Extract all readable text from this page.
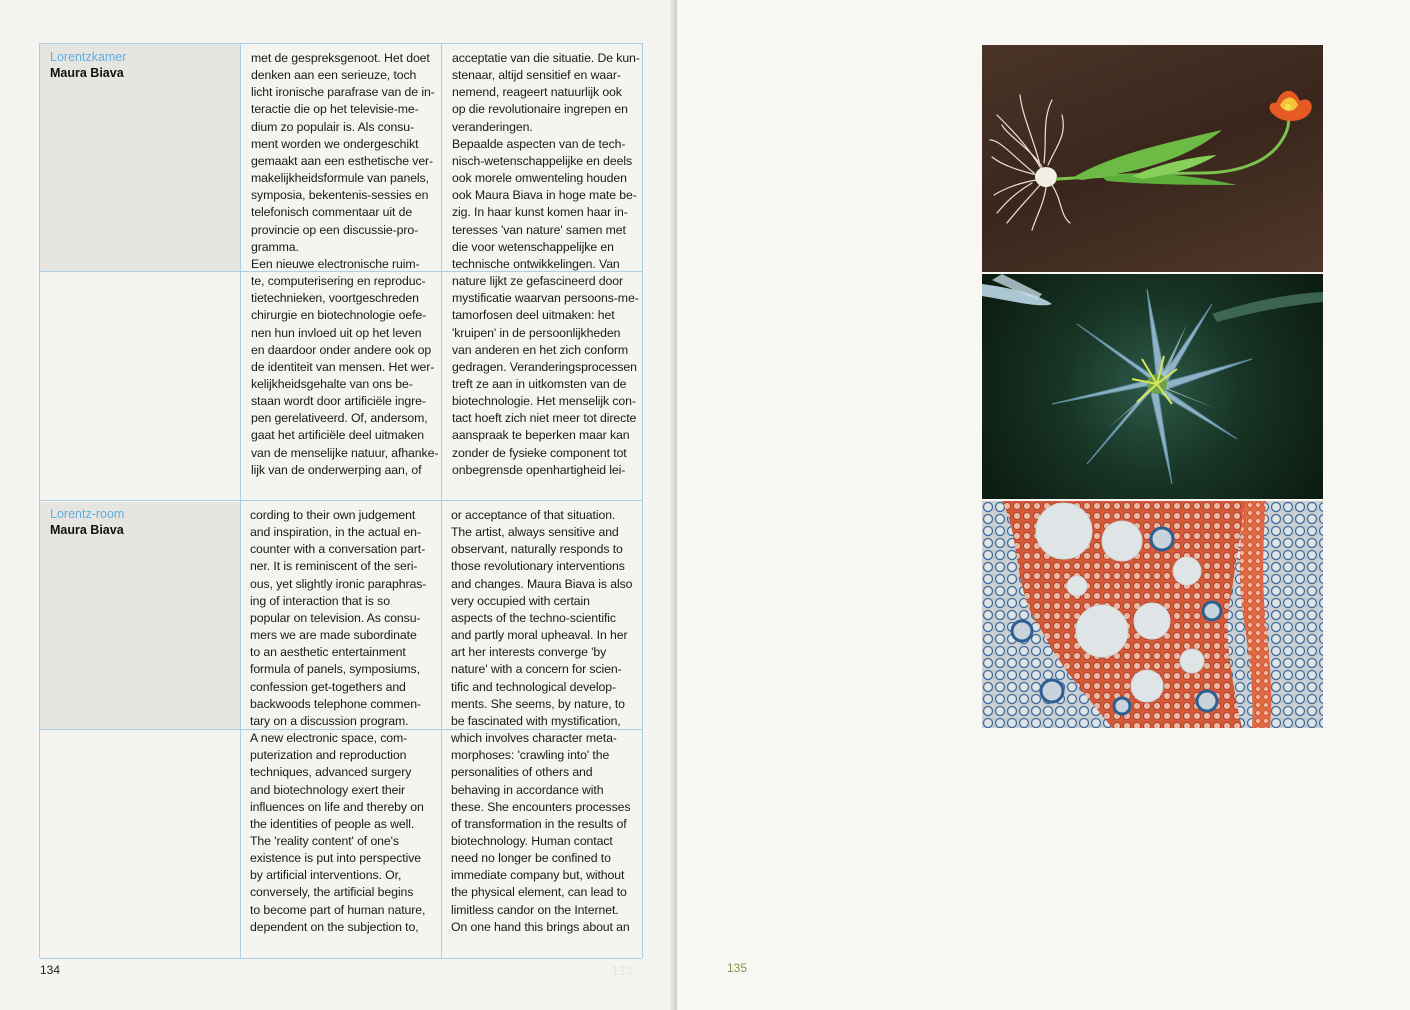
Lorentzkamer
Maura Biava

met de gespreksgenoot. Het doet
denken aan een serieuze, toch
licht ironische parafrase van de in-
teractie die op het televisie-me-
dium zo populair is. Als consu-
ment worden we ondergeschikt
gemaakt aan een esthetische ver-
makelijkheidsformule van panels,
symposia, bekentenis-sessies en
telefonisch commentaar uit de
provincie op een discussie-pro-
gramma.
Een nieuwe electronische ruim-
te, computerisering en reproduc-
tietechnieken, voortgeschreden
chirurgie en biotechnologie oefe-
nen hun invloed uit op het leven
en daardoor onder andere ook op
de identiteit van mensen. Het wer-
kelijkheidsgehalte van ons be-
staan wordt door artificiële ingre-
pen gerelativeerd. Of, andersom,
gaat het artificiële deel uitmaken
van de menselijke natuur, afhanke-
lijk van de onderwerping aan, of

acceptatie van die situatie. De kun-
stenaar, altijd sensitief en waar-
nemend, reageert natuurlijk ook
op die revolutionaire ingrepen en
veranderingen.
Bepaalde aspecten van de tech-
nisch-wetenschappelijke en deels
ook morele omwenteling houden
ook Maura Biava in hoge mate be-
zig. In haar kunst komen haar in-
teresses 'van nature' samen met
die voor wetenschappelijke en
technische ontwikkelingen. Van
nature lijkt ze gefascineerd door
mystificatie waarvan persoons-me-
tamorfosen deel uitmaken: het
'kruipen' in de persoonlijkheden
van anderen en het zich conform
gedragen. Veranderingsprocessen
treft ze aan in uitkomsten van de
biotechnologie. Het menselijk con-
tact hoeft zich niet meer tot directe
aanspraak te beperken maar kan
zonder de fysieke component tot
onbegrensde openhartigheid lei-

Lorentz-room
Maura Biava

cording to their own judgement
and inspiration, in the actual en-
counter with a conversation part-
ner. It is reminiscent of the seri-
ous, yet slightly ironic paraphras-
ing of interaction that is so
popular on television. As consu-
mers we are made subordinate
to an aesthetic entertainment
formula of panels, symposiums,
confession get-togethers and
backwoods telephone commen-
tary on a discussion program.
A new electronic space, com-
puterization and reproduction
techniques, advanced surgery
and biotechnology exert their
influences on life and thereby on
the identities of people as well.
The 'reality content' of one's
existence is put into perspective
by artificial interventions. Or,
conversely, the artificial begins
to become part of human nature,
dependent on the subjection to,

or acceptance of that situation.
The artist, always sensitive and
observant, naturally responds to
those revolutionary interventions
and changes. Maura Biava is also
very occupied with certain
aspects of the techno-scientific
and partly moral upheaval. In her
art her interests converge 'by
nature' with a concern for scien-
tific and technological develop-
ments. She seems, by nature, to
be fascinated with mystification,
which involves character meta-
morphoses: 'crawling into' the
personalities of others and
behaving in accordance with
these. She encounters processes
of transformation in the results of
biotechnology. Human contact
need no longer be confined to
immediate company but, without
the physical element, can lead to
limitless candor on the Internet.
On one hand this brings about an

134	133	135
